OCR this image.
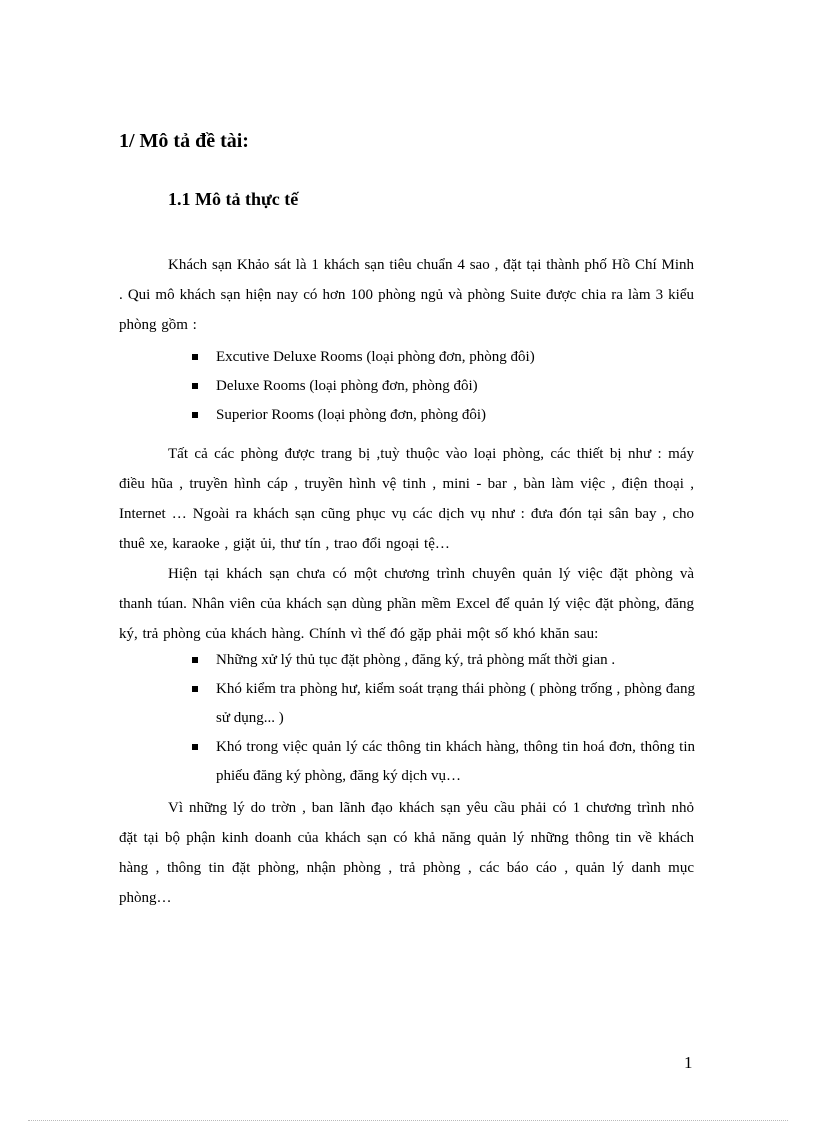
1/ Mô tả đề tài:
1.1 Mô tả thực tế

Khách sạn Khảo sát là 1 khách sạn tiêu chuẩn 4 sao , đặt tại thành phố Hồ Chí Minh . Qui mô khách sạn hiện nay có hơn 100 phòng ngủ và phòng Suite được chia ra làm 3 kiểu phòng gồm :

Excutive Deluxe Rooms (loại phòng đơn, phòng đôi)
Deluxe Rooms (loại phòng đơn, phòng đôi)
Superior Rooms (loại phòng đơn, phòng đôi)

Tất cả các phòng được trang bị ,tuỳ thuộc vào loại phòng, các thiết bị như : máy điều hũa , truyền hình cáp , truyền hình vệ tinh , mini - bar , bàn làm việc , điện thoại , Internet … Ngoài ra khách sạn cũng phục vụ các dịch vụ như : đưa đón tại sân bay , cho thuê xe, karaoke , giặt ủi, thư tín , trao đổi ngoại tệ…

Hiện tại khách sạn chưa có một chương trình chuyên quản lý việc đặt phòng và thanh túan. Nhân viên của khách sạn dùng phần mềm Excel để quản lý việc đặt phòng, đăng ký, trả phòng của khách hàng. Chính vì thế đó gặp phải một số khó khăn sau:

Những xử lý thủ tục đặt phòng , đăng ký, trả phòng mất thời gian .
Khó kiểm tra phòng hư, kiểm soát trạng thái phòng ( phòng trống , phòng đang sử dụng... )
Khó trong việc quản lý các thông tin khách hàng, thông tin hoá đơn, thông tin phiếu đăng ký phòng, đăng ký dịch vụ…

Vì những lý do trờn , ban lãnh đạo khách sạn yêu cầu phải có 1 chương trình nhỏ đặt tại bộ phận kinh doanh của khách sạn có khả năng quản lý những thông tin về khách hàng , thông tin đặt phòng, nhận phòng , trả phòng , các báo cáo , quản lý danh mục phòng…

1
